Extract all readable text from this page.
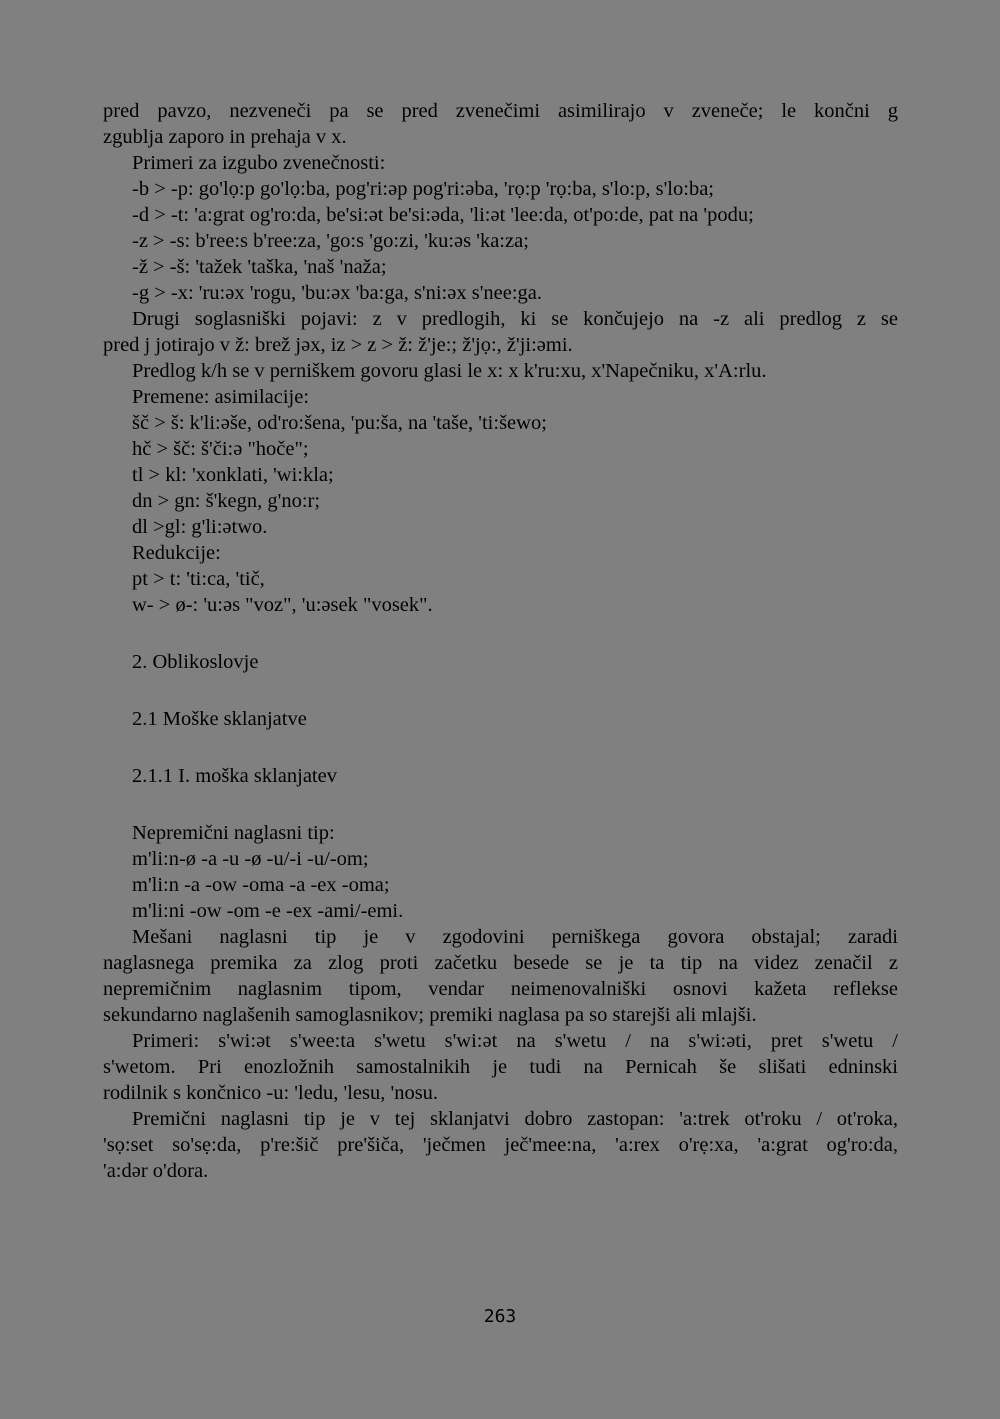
pred pavzo, nezveneči pa se pred zvenečimi asimilirajo v zveneče; le končni g
zgublja zaporo in prehaja v x.
Primeri za izgubo zvenečnosti:
-b > -p: go'lọ:p go'lọ:ba, pog'ri:əp pog'ri:əba, 'rọ:p 'rọ:ba, s'lo:p, s'lo:ba;
-d > -t: 'a:grat og'ro:da, be'si:ət be'si:əda, 'li:ət 'lee:da, ot'po:de, pat na 'podu;
-z > -s: b'ree:s b'ree:za, 'go:s 'go:zi, 'ku:əs 'ka:za;
-ž > -š: 'tažek 'taška, 'naš 'naža;
-g > -x: 'ru:əx 'rogu, 'bu:əx 'ba:ga, s'ni:əx s'nee:ga.
Drugi soglasniški pojavi: z v predlogih, ki se končujejo na -z ali predlog z se
pred j jotirajo v ž: brež jəx, iz > z > ž: ž'je:; ž'jọ:, ž'ji:əmi.
Predlog k/h se v perniškem govoru glasi le x: x k'ru:xu, x'Napečniku, x'A:rlu.
Premene: asimilacije:
šč > š: k'li:əše, od'ro:šena, 'pu:ša, na 'taše, 'ti:šewo;
hč > šč: š'či:ə "hoče";
tl > kl: 'xonklati, 'wi:kla;
dn > gn: š'kegn, g'no:r;
dl >gl: g'li:ətwo.
Redukcije:
pt > t: 'ti:ca, 'tič,
w- > ø-: 'u:əs "voz", 'u:əsek "vosek".
2. Oblikoslovje
2.1 Moške sklanjatve
2.1.1 I. moška sklanjatev
Nepremični naglasni tip:
m'li:n-ø -a -u -ø -u/-i -u/-om;
m'li:n -a -ow -oma -a -ex -oma;
m'li:ni -ow -om -e -ex -ami/-emi.
Mešani naglasni tip je v zgodovini perniškega govora obstajal; zaradi
naglasnega premika za zlog proti začetku besede se je ta tip na videz zenačil z
nepremičnim naglasnim tipom, vendar neimenovalniški osnovi kažeta reflekse
sekundarno naglašenih samoglasnikov; premiki naglasa pa so starejši ali mlajši.
Primeri: s'wi:ət s'wee:ta s'wetu s'wi:ət na s'wetu / na s'wi:əti, pret s'wetu /
s'wetom. Pri enozložnih samostalnikih je tudi na Pernicah še slišati edninski
rodilnik s končnico -u: 'ledu, 'lesu, 'nosu.
Premični naglasni tip je v tej sklanjatvi dobro zastopan: 'a:trek ot'roku / ot'roka,
'sọ:set so'sẹ:da, p're:šič pre'šiča, 'ječmen ječ'mee:na, 'a:rex o'rẹ:xa, 'a:grat og'ro:da,
'a:dər o'dora.
263
